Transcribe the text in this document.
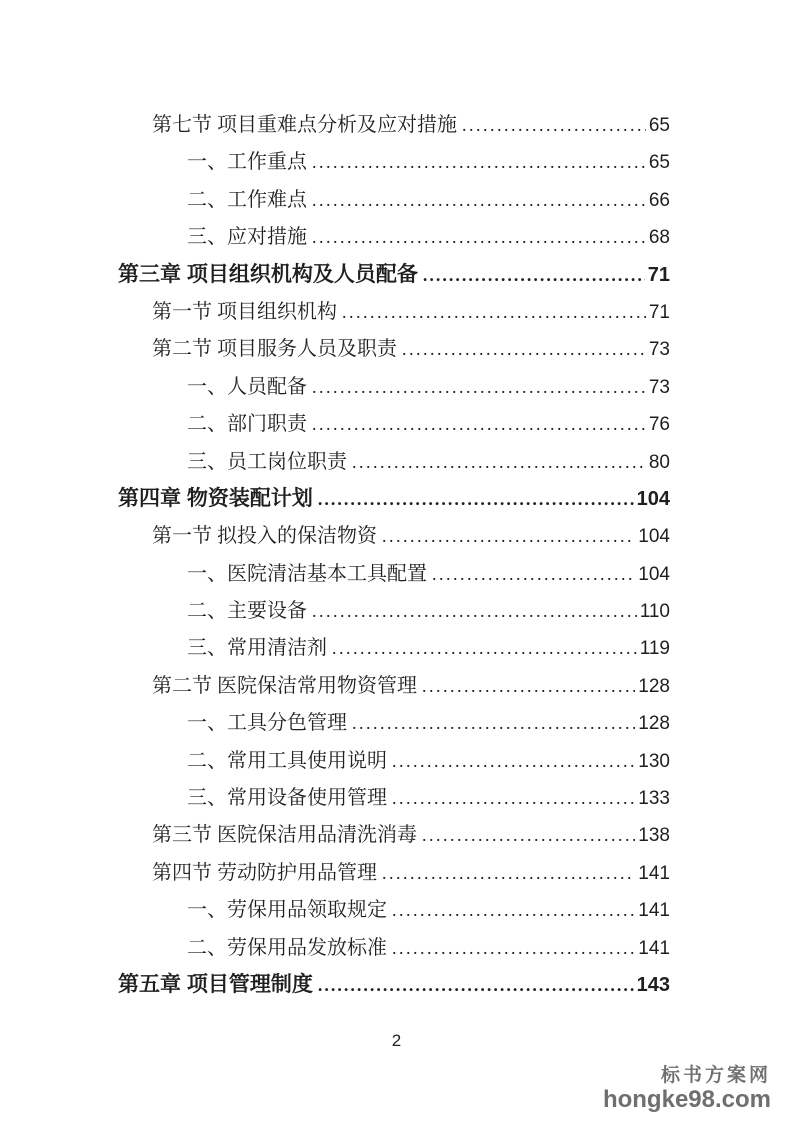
第七节 项目重难点分析及应对措施 .....	65
一、工作重点 .....	65
二、工作难点 .....	66
三、应对措施 .....	68
第三章 项目组织机构及人员配备 .....	71
第一节 项目组织机构 .....	71
第二节 项目服务人员及职责 .....	73
一、人员配备 .....	73
二、部门职责 .....	76
三、员工岗位职责 .....	80
第四章 物资装配计划 .....	104
第一节 拟投入的保洁物资 .....	104
一、医院清洁基本工具配置 .....	104
二、主要设备 .....	110
三、常用清洁剂 .....	119
第二节 医院保洁常用物资管理 .....	128
一、工具分色管理 .....	128
二、常用工具使用说明 .....	130
三、常用设备使用管理 .....	133
第三节 医院保洁用品清洗消毒 .....	138
第四节 劳动防护用品管理 .....	141
一、劳保用品领取规定 .....	141
二、劳保用品发放标准 .....	141
第五章 项目管理制度 .....	143
2
标书方案网
hongke98.com
